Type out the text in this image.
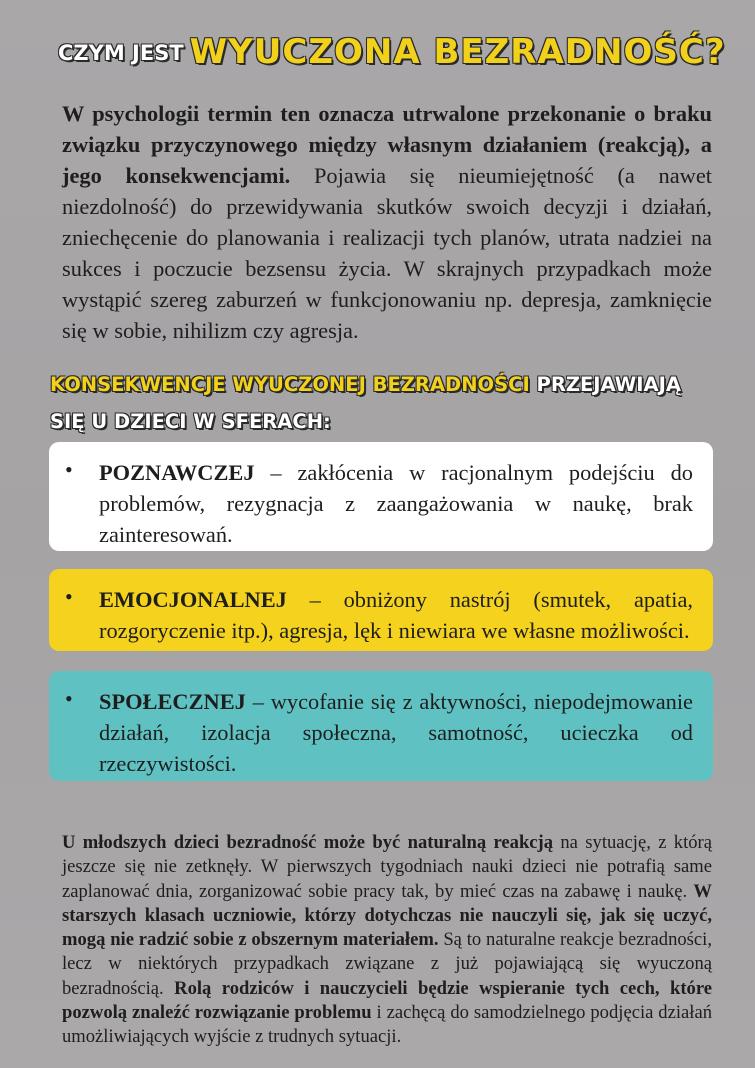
CZYM JEST WYUCZONA BEZRADNOŚĆ?

W psychologii termin ten oznacza utrwalone przekonanie o braku związku przyczynowego między własnym działaniem (reakcją), a jego konsekwencjami. Pojawia się nieumiejętność (a nawet niezdolność) do przewidywania skutków swoich decyzji i działań, zniechęcenie do planowania i realizacji tych planów, utrata nadziei na sukces i poczucie bezsensu życia. W skrajnych przypadkach może wystąpić szereg zaburzeń w funkcjonowaniu np. depresja, zamknięcie się w sobie, nihilizm czy agresja.

KONSEKWENCJE WYUCZONEJ BEZRADNOŚCI PRZEJAWIAJĄ
SIĘ U DZIECI W SFERACH:
• POZNAWCZEJ – zakłócenia w racjonalnym podejściu do problemów, rezygnacja z zaangażowania w naukę, brak zainteresowań.

• EMOCJONALNEJ – obniżony nastrój (smutek, apatia, rozgoryczenie itp.), agresja, lęk i niewiara we własne możliwości.

• SPOŁECZNEJ – wycofanie się z aktywności, niepodejmowanie działań, izolacja społeczna, samotność, ucieczka od rzeczywistości.

U młodszych dzieci bezradność może być naturalną reakcją na sytuację, z którą jeszcze się nie zetknęły. W pierwszych tygodniach nauki dzieci nie potrafią same zaplanować dnia, zorganizować sobie pracy tak, by mieć czas na zabawę i naukę. W starszych klasach uczniowie, którzy dotychczas nie nauczyli się, jak się uczyć, mogą nie radzić sobie z obszernym materiałem. Są to naturalne reakcje bezradności, lecz w niektórych przypadkach związane z już pojawiającą się wyuczoną bezradnością. Rolą rodziców i nauczycieli będzie wspieranie tych cech, które pozwolą znaleźć rozwiązanie problemu i zachęcą do samodzielnego podjęcia działań umożliwiających wyjście z trudnych sytuacji.
